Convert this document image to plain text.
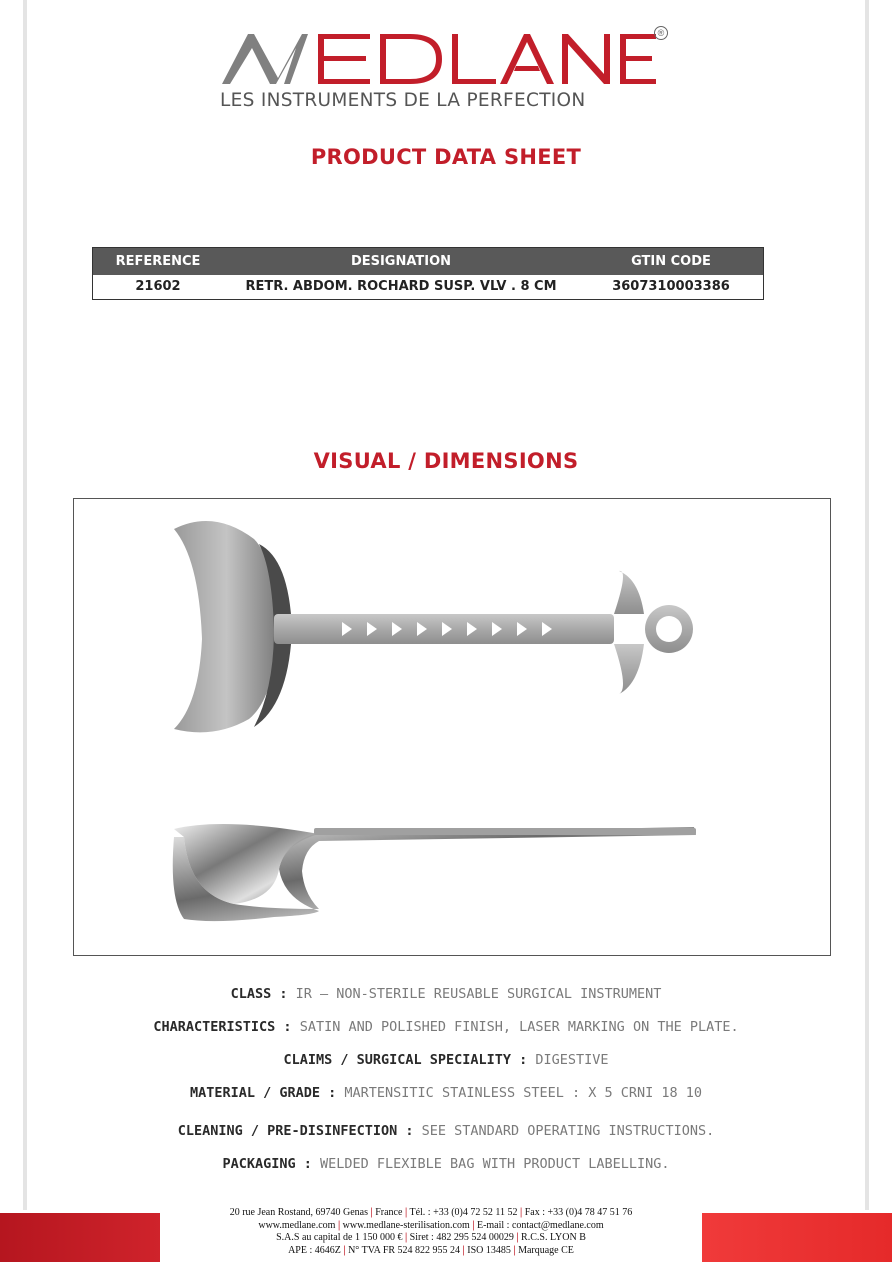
®
LES INSTRUMENTS DE LA PERFECTION
PRODUCT DATA SHEET
REFERENCE	DESIGNATION	GTIN CODE
21602	RETR. ABDOM. ROCHARD SUSP. VLV . 8 CM	3607310003386
VISUAL / DIMENSIONS
CLASS : IR – NON-STERILE REUSABLE SURGICAL INSTRUMENT
CHARACTERISTICS : SATIN AND POLISHED FINISH, LASER MARKING ON THE PLATE.
CLAIMS / SURGICAL SPECIALITY : DIGESTIVE
MATERIAL / GRADE : MARTENSITIC STAINLESS STEEL : X 5 CRNI 18 10
CLEANING / PRE-DISINFECTION : SEE STANDARD OPERATING INSTRUCTIONS.
PACKAGING : WELDED FLEXIBLE BAG WITH PRODUCT LABELLING.
20 rue Jean Rostand, 69740 Genas | France | Tél. : +33 (0)4 72 52 11 52 | Fax : +33 (0)4 78 47 51 76
www.medlane.com | www.medlane-sterilisation.com | E-mail : contact@medlane.com
S.A.S au capital de 1 150 000 € | Siret : 482 295 524 00029 | R.C.S. LYON B
APE : 4646Z | N° TVA FR 524 822 955 24 | ISO 13485 | Marquage CE
